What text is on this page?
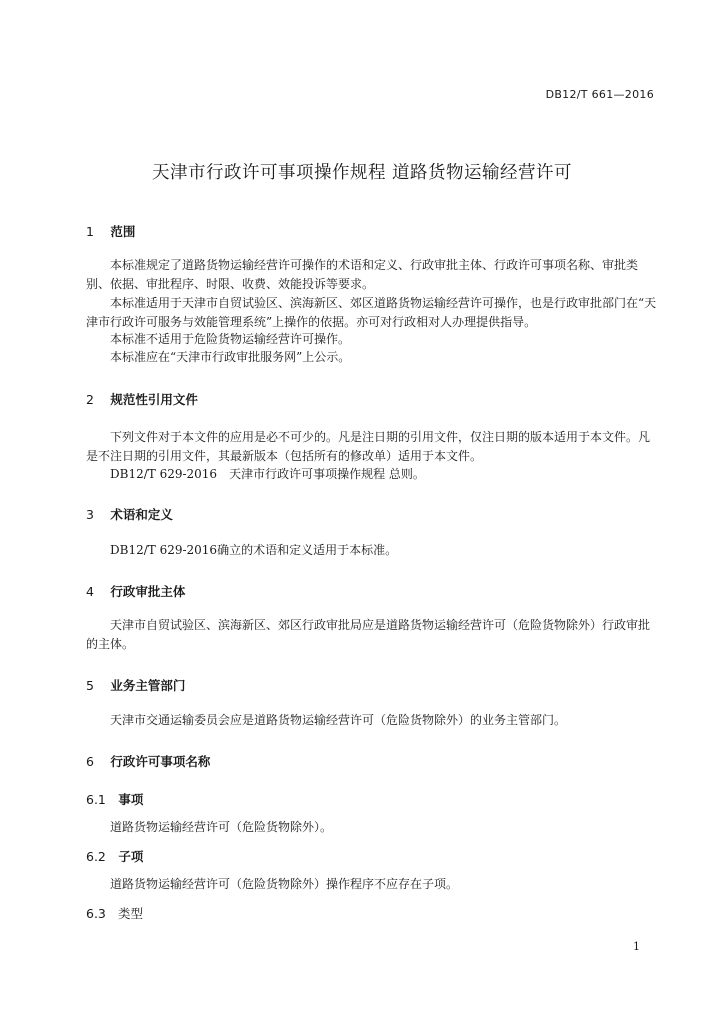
DB12/T 661—2016
天津市行政许可事项操作规程 道路货物运输经营许可
1 范围
本标准规定了道路货物运输经营许可操作的术语和定义、行政审批主体、行政许可事项名称、审批类别、依据、审批程序、时限、收费、效能投诉等要求。
本标准适用于天津市自贸试验区、滨海新区、郊区道路货物运输经营许可操作，也是行政审批部门在“天津市行政许可服务与效能管理系统”上操作的依据。亦可对行政相对人办理提供指导。
本标准不适用于危险货物运输经营许可操作。
本标准应在“天津市行政审批服务网”上公示。
2 规范性引用文件
下列文件对于本文件的应用是必不可少的。凡是注日期的引用文件，仅注日期的版本适用于本文件。凡是不注日期的引用文件，其最新版本（包括所有的修改单）适用于本文件。
DB12/T 629-2016　天津市行政许可事项操作规程 总则。
3 术语和定义
DB12/T 629-2016确立的术语和定义适用于本标准。
4 行政审批主体
天津市自贸试验区、滨海新区、郊区行政审批局应是道路货物运输经营许可（危险货物除外）行政审批的主体。
5 业务主管部门
天津市交通运输委员会应是道路货物运输经营许可（危险货物除外）的业务主管部门。
6 行政许可事项名称
6.1 事项
道路货物运输经营许可（危险货物除外）。
6.2 子项
道路货物运输经营许可（危险货物除外）操作程序不应存在子项。
6.3 类型
1
